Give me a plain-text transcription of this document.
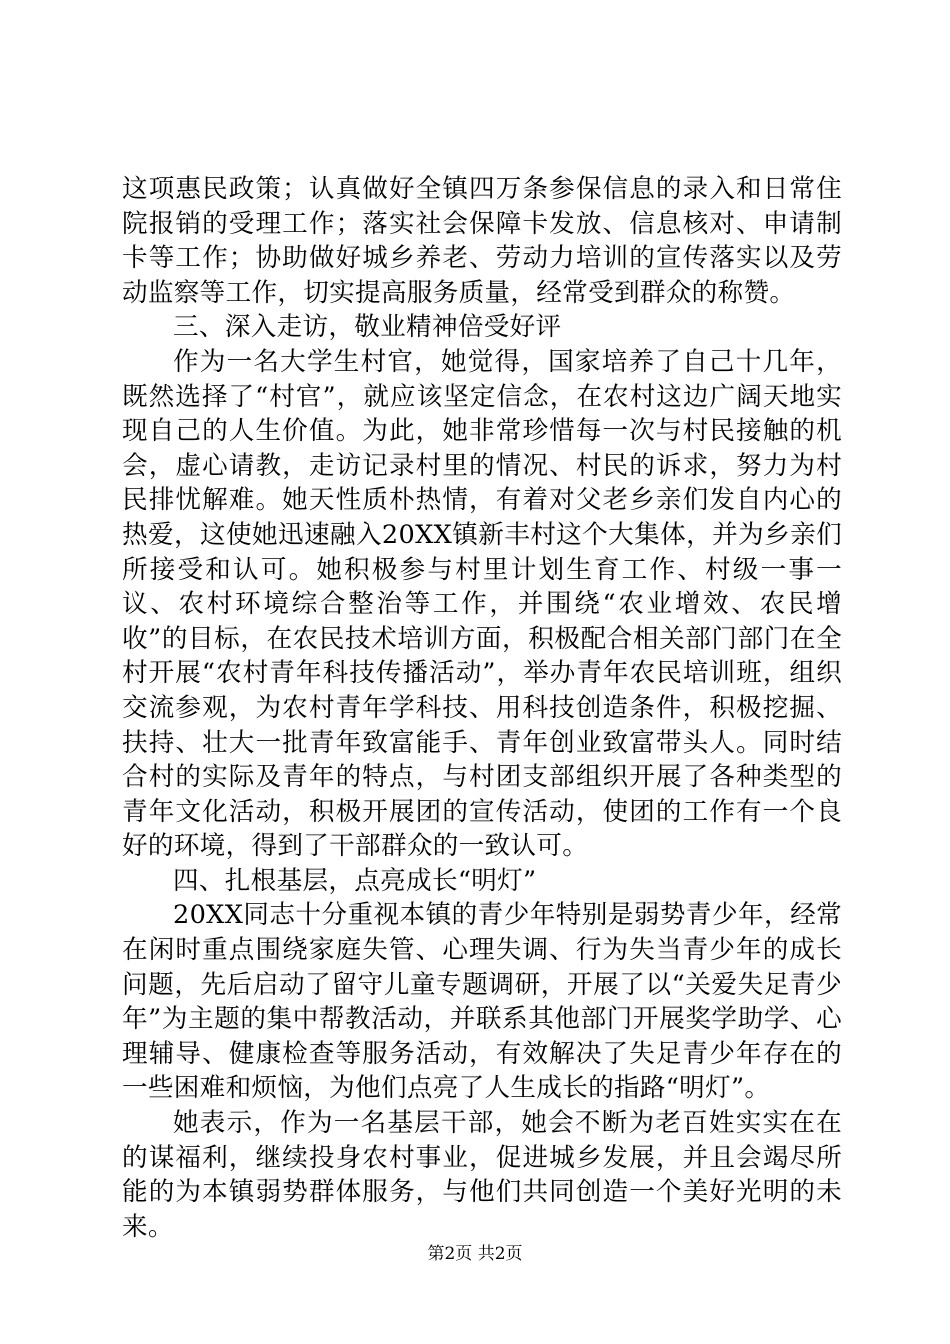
这项惠民政策；认真做好全镇四万条参保信息的录入和日常住院报销的受理工作；落实社会保障卡发放、信息核对、申请制卡等工作；协助做好城乡养老、劳动力培训的宣传落实以及劳动监察等工作，切实提高服务质量，经常受到群众的称赞。

三、深入走访，敬业精神倍受好评

作为一名大学生村官，她觉得，国家培养了自己十几年，既然选择了“村官”，就应该坚定信念，在农村这边广阔天地实现自己的人生价值。为此，她非常珍惜每一次与村民接触的机会，虚心请教，走访记录村里的情况、村民的诉求，努力为村民排忧解难。她天性质朴热情，有着对父老乡亲们发自内心的热爱，这使她迅速融入20XX镇新丰村这个大集体，并为乡亲们所接受和认可。她积极参与村里计划生育工作、村级一事一议、农村环境综合整治等工作，并围绕“农业增效、农民增收”的目标，在农民技术培训方面，积极配合相关部门部门在全村开展“农村青年科技传播活动”，举办青年农民培训班，组织交流参观，为农村青年学科技、用科技创造条件，积极挖掘、扶持、壮大一批青年致富能手、青年创业致富带头人。同时结合村的实际及青年的特点，与村团支部组织开展了各种类型的青年文化活动，积极开展团的宣传活动，使团的工作有一个良好的环境，得到了干部群众的一致认可。

四、扎根基层，点亮成长“明灯”

20XX同志十分重视本镇的青少年特别是弱势青少年，经常在闲时重点围绕家庭失管、心理失调、行为失当青少年的成长问题，先后启动了留守儿童专题调研，开展了以“关爱失足青少年”为主题的集中帮教活动，并联系其他部门开展奖学助学、心理辅导、健康检查等服务活动，有效解决了失足青少年存在的一些困难和烦恼，为他们点亮了人生成长的指路“明灯”。

她表示，作为一名基层干部，她会不断为老百姓实实在在的谋福利，继续投身农村事业，促进城乡发展，并且会竭尽所能的为本镇弱势群体服务，与他们共同创造一个美好光明的未来。

第2页 共2页
